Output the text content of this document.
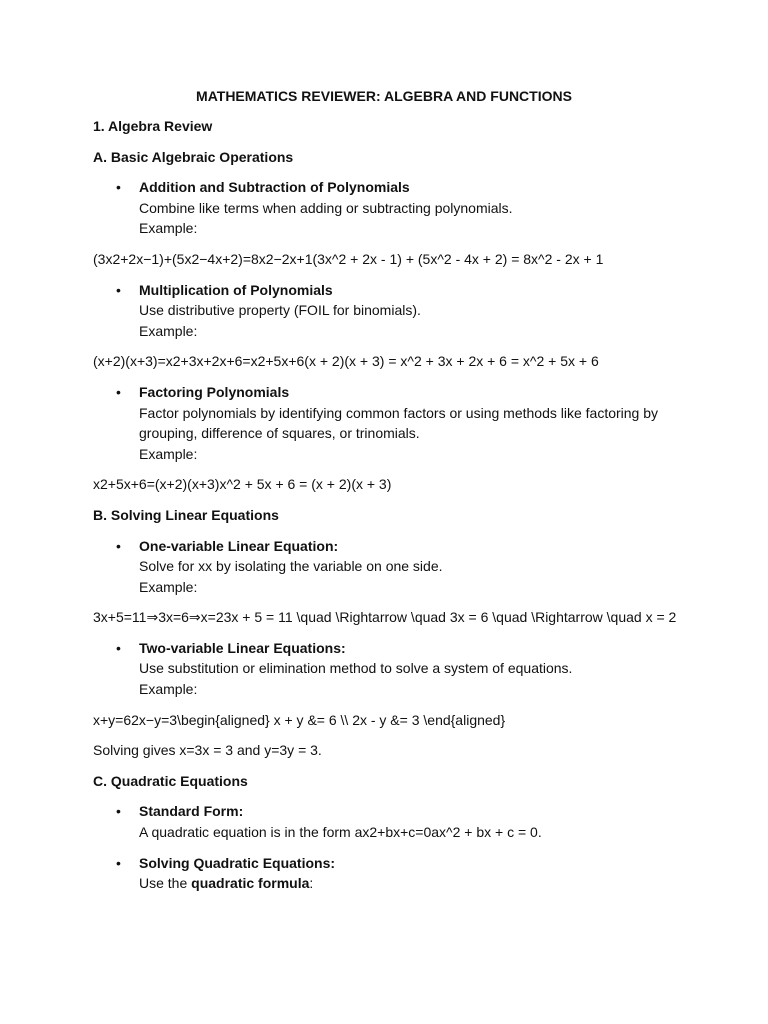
MATHEMATICS REVIEWER: ALGEBRA AND FUNCTIONS

1. Algebra Review

A. Basic Algebraic Operations

• Addition and Subtraction of Polynomials
Combine like terms when adding or subtracting polynomials.
Example:

(3x2+2x−1)+(5x2−4x+2)=8x2−2x+1(3x^2 + 2x - 1) + (5x^2 - 4x + 2) = 8x^2 - 2x + 1

• Multiplication of Polynomials
Use distributive property (FOIL for binomials).
Example:

(x+2)(x+3)=x2+3x+2x+6=x2+5x+6(x + 2)(x + 3) = x^2 + 3x + 2x + 6 = x^2 + 5x + 6

• Factoring Polynomials
Factor polynomials by identifying common factors or using methods like factoring by grouping, difference of squares, or trinomials.
Example:

x2+5x+6=(x+2)(x+3)x^2 + 5x + 6 = (x + 2)(x + 3)

B. Solving Linear Equations

• One-variable Linear Equation:
Solve for xx by isolating the variable on one side.
Example:

3x+5=11⇒3x=6⇒x=23x + 5 = 11 \quad \Rightarrow \quad 3x = 6 \quad \Rightarrow \quad x = 2

• Two-variable Linear Equations:
Use substitution or elimination method to solve a system of equations.
Example:

x+y=62x−y=3\begin{aligned} x + y &= 6 \\ 2x - y &= 3 \end{aligned}

Solving gives x=3x = 3 and y=3y = 3.

C. Quadratic Equations

• Standard Form:
A quadratic equation is in the form ax2+bx+c=0ax^2 + bx + c = 0.
• Solving Quadratic Equations:
Use the quadratic formula:
